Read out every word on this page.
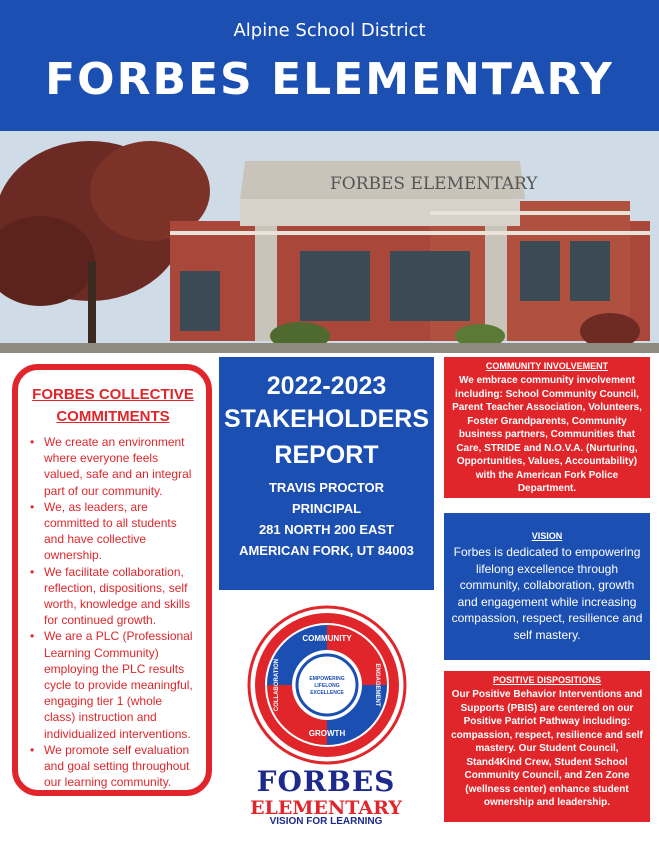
Alpine School District
FORBES ELEMENTARY
FORBES ELEMENTARY
FORBES COLLECTIVE
COMMITMENTS
• We create an environment where everyone feels valued, safe and an integral part of our community.
• We, as leaders, are committed to all students and have collective ownership.
• We facilitate collaboration, reflection, dispositions, self worth, knowledge and skills for continued growth.
• We are a PLC (Professional Learning Community) employing the PLC results cycle to provide meaningful, engaging tier 1 (whole class) instruction and individualized interventions.
• We promote self evaluation and goal setting throughout our learning community.
2022-2023
STAKEHOLDERS
REPORT
TRAVIS PROCTOR
PRINCIPAL
281 NORTH 200 EAST
AMERICAN FORK, UT 84003
COMMUNITY INVOLVEMENT
We embrace community involvement including: School Community Council, Parent Teacher Association, Volunteers, Foster Grandparents, Community business partners, Communities that Care, STRIDE and N.O.V.A. (Nurturing, Opportunities, Values, Accountability) with the American Fork Police Department.
VISION
Forbes is dedicated to empowering lifelong excellence through community, collaboration, growth and engagement while increasing compassion, respect, resilience and self mastery.
POSITIVE DISPOSITIONS
Our Positive Behavior Interventions and Supports (PBIS) are centered on our Positive Patriot Pathway including: compassion, respect, resilience and self mastery. Our Student Council, Stand4Kind Crew, Student School Community Council, and Zen Zone (wellness center) enhance student ownership and leadership.
COMMUNITY
GROWTH
ENGAGEMENT
COLLABORATION	EMPOWERING
LIFELONG
EXCELLENCE
FORBES
ELEMENTARY
VISION FOR LEARNING
